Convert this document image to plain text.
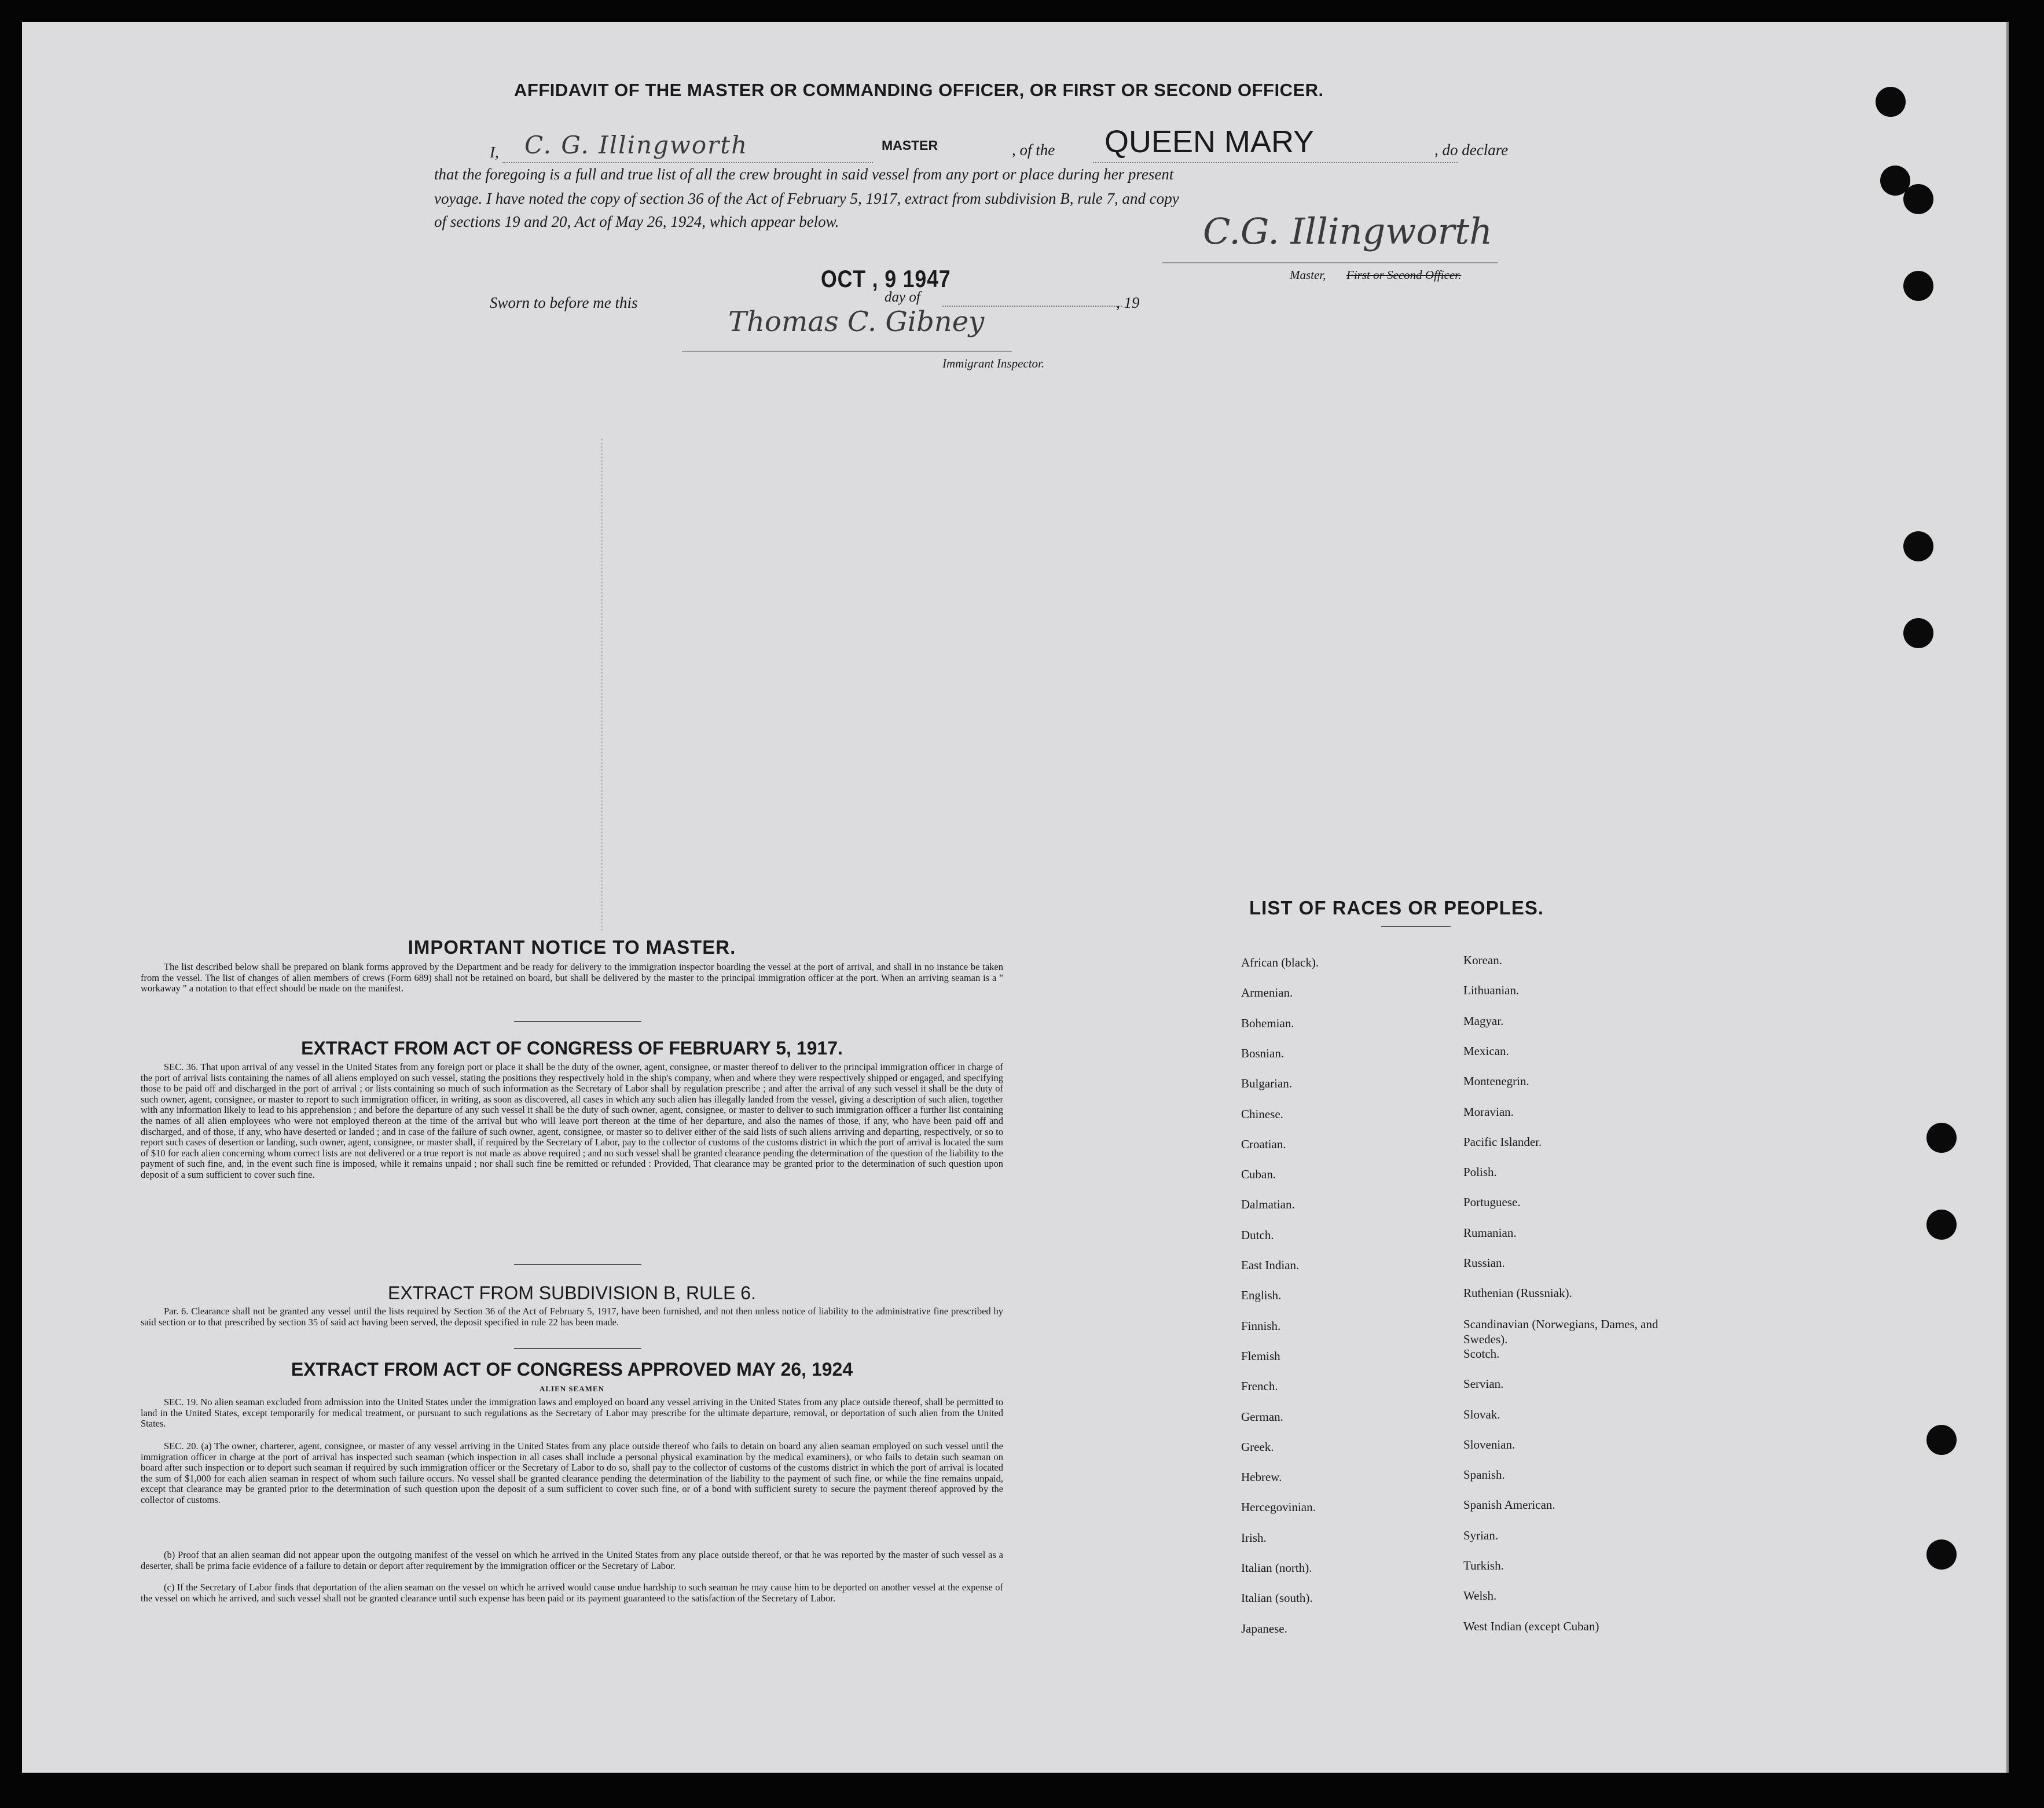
AFFIDAVIT OF THE MASTER OR COMMANDING OFFICER, OR FIRST OR SECOND OFFICER.
I, C. G. Illingworth	MASTER	, of the QUEEN MARY	, do declare
that the foregoing is a full and true list of all the crew brought in said vessel from any port or place during her present
voyage. I have noted the copy of section 36 of the Act of February 5, 1917, extract from subdivision B, rule 7, and copy
of sections 19 and 20, Act of May 26, 1924, which appear below.	C.G. Illingworth
Master, First or Second Officer.
Sworn to before me this
OCT , 9 1947
day of	, 19
Thomas C. Gibney
Immigrant Inspector.
IMPORTANT NOTICE TO MASTER.
The list described below shall be prepared on blank forms approved by the Department and be ready for delivery to the immigration inspector boarding the vessel at the port of arrival, and shall in no instance be taken from the vessel. The list of changes of alien members of crews (Form 689) shall not be retained on board, but shall be delivered by the master to the principal immigration officer at the port. When an arriving seaman is a " workaway " a notation to that effect should be made on the manifest.
EXTRACT FROM ACT OF CONGRESS OF FEBRUARY 5, 1917.
SEC. 36. That upon arrival of any vessel in the United States from any foreign port or place it shall be the duty of the owner, agent, consignee, or master thereof to deliver to the principal immigration officer in charge of the port of arrival lists containing the names of all aliens employed on such vessel, stating the positions they respectively hold in the ship's company, when and where they were respectively shipped or engaged, and specifying those to be paid off and discharged in the port of arrival ; or lists containing so much of such information as the Secretary of Labor shall by regulation prescribe ; and after the arrival of any such vessel it shall be the duty of such owner, agent, consignee, or master to report to such immigration officer, in writing, as soon as discovered, all cases in which any such alien has illegally landed from the vessel, giving a description of such alien, together with any information likely to lead to his apprehension ; and before the departure of any such vessel it shall be the duty of such owner, agent, consignee, or master to deliver to such immigration officer a further list containing the names of all alien employees who were not employed thereon at the time of the arrival but who will leave port thereon at the time of her departure, and also the names of those, if any, who have been paid off and discharged, and of those, if any, who have deserted or landed ; and in case of the failure of such owner, agent, consignee, or master so to deliver either of the said lists of such aliens arriving and departing, respectively, or so to report such cases of desertion or landing, such owner, agent, consignee, or master shall, if required by the Secretary of Labor, pay to the collector of customs of the customs district in which the port of arrival is located the sum of $10 for each alien concerning whom correct lists are not delivered or a true report is not made as above required ; and no such vessel shall be granted clearance pending the determination of the question of the liability to the payment of such fine, and, in the event such fine is imposed, while it remains unpaid ; nor shall such fine be remitted or refunded : Provided, That clearance may be granted prior to the determination of such question upon deposit of a sum sufficient to cover such fine.
EXTRACT FROM SUBDIVISION B, RULE 6.
Par. 6. Clearance shall not be granted any vessel until the lists required by Section 36 of the Act of February 5, 1917, have been furnished, and not then unless notice of liability to the administrative fine prescribed by said section or to that prescribed by section 35 of said act having been served, the deposit specified in rule 22 has been made.
EXTRACT FROM ACT OF CONGRESS APPROVED MAY 26, 1924
ALIEN SEAMEN
SEC. 19. No alien seaman excluded from admission into the United States under the immigration laws and employed on board any vessel arriving in the United States from any place outside thereof, shall be permitted to land in the United States, except temporarily for medical treatment, or pursuant to such regulations as the Secretary of Labor may prescribe for the ultimate departure, removal, or deportation of such alien from the United States.
SEC. 20. (a) The owner, charterer, agent, consignee, or master of any vessel arriving in the United States from any place outside thereof who fails to detain on board any alien seaman employed on such vessel until the immigration officer in charge at the port of arrival has inspected such seaman (which inspection in all cases shall include a personal physical examination by the medical examiners), or who fails to detain such seaman on board after such inspection or to deport such seaman if required by such immigration officer or the Secretary of Labor to do so, shall pay to the collector of customs of the customs district in which the port of arrival is located the sum of $1,000 for each alien seaman in respect of whom such failure occurs. No vessel shall be granted clearance pending the determination of the liability to the payment of such fine, or while the fine remains unpaid, except that clearance may be granted prior to the determination of such question upon the deposit of a sum sufficient to cover such fine, or of a bond with sufficient surety to secure the payment thereof approved by the collector of customs.
(b) Proof that an alien seaman did not appear upon the outgoing manifest of the vessel on which he arrived in the United States from any place outside thereof, or that he was reported by the master of such vessel as a deserter, shall be prima facie evidence of a failure to detain or deport after requirement by the immigration officer or the Secretary of Labor.
(c) If the Secretary of Labor finds that deportation of the alien seaman on the vessel on which he arrived would cause undue hardship to such seaman he may cause him to be deported on another vessel at the expense of the vessel on which he arrived, and such vessel shall not be granted clearance until such expense has been paid or its payment guaranteed to the satisfaction of the Secretary of Labor.
LIST OF RACES OR PEOPLES.
African (black).
Armenian.
Bohemian.
Bosnian.
Bulgarian.
Chinese.
Croatian.
Cuban.
Dalmatian.
Dutch.
East Indian.
English.
Finnish.
Flemish
French.
German.
Greek.
Hebrew.
Hercegovinian.
Irish.
Italian (north).
Italian (south).
Japanese.
Korean.
Lithuanian.
Magyar.
Mexican.
Montenegrin.
Moravian.
Pacific Islander.
Polish.
Portuguese.
Rumanian.
Russian.
Ruthenian (Russniak).
Scandinavian (Norwegians, Dames, and Swedes).
Scotch.
Servian.
Slovak.
Slovenian.
Spanish.
Spanish American.
Syrian.
Turkish.
Welsh.
West Indian (except Cuban)
